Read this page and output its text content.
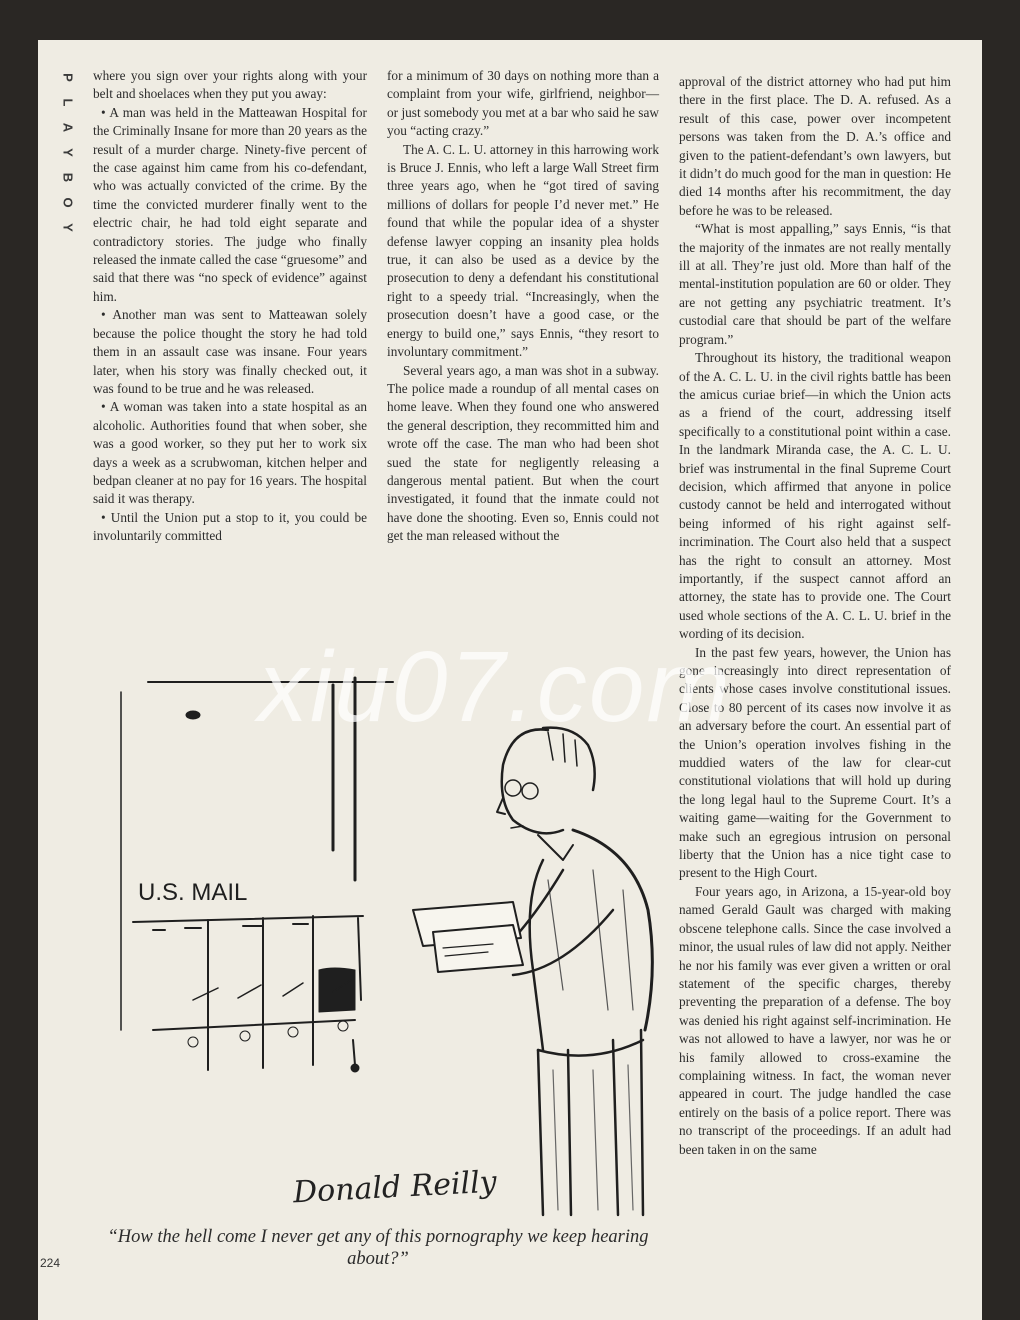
P
L
A
Y
B
O
Y

where you sign over your rights along with your belt and shoelaces when they put you away:

• A man was held in the Matteawan Hospital for the Criminally Insane for more than 20 years as the result of a murder charge. Ninety-five percent of the case against him came from his co-defendant, who was actually convicted of the crime. By the time the convicted murderer finally went to the electric chair, he had told eight separate and contradictory stories. The judge who finally released the inmate called the case “gruesome” and said that there was “no speck of evidence” against him.

• Another man was sent to Matteawan solely because the police thought the story he had told them in an assault case was insane. Four years later, when his story was finally checked out, it was found to be true and he was released.

• A woman was taken into a state hospital as an alcoholic. Authorities found that when sober, she was a good worker, so they put her to work six days a week as a scrubwoman, kitchen helper and bedpan cleaner at no pay for 16 years. The hospital said it was therapy.

• Until the Union put a stop to it, you could be involuntarily committed

for a minimum of 30 days on nothing more than a complaint from your wife, girlfriend, neighbor—or just somebody you met at a bar who said he saw you “acting crazy.”

The A. C. L. U. attorney in this harrowing work is Bruce J. Ennis, who left a large Wall Street firm three years ago, when he “got tired of saving millions of dollars for people I’d never met.” He found that while the popular idea of a shyster defense lawyer copping an insanity plea holds true, it can also be used as a device by the prosecution to deny a defendant his constitutional right to a speedy trial. “Increasingly, when the prosecution doesn’t have a good case, or the energy to build one,” says Ennis, “they resort to involuntary commitment.”

Several years ago, a man was shot in a subway. The police made a roundup of all mental cases on home leave. When they found one who answered the general description, they recommitted him and wrote off the case. The man who had been shot sued the state for negligently releasing a dangerous mental patient. But when the court investigated, it found that the inmate could not have done the shooting. Even so, Ennis could not get the man released without the

approval of the district attorney who had put him there in the first place. The D. A. refused. As a result of this case, power over incompetent persons was taken from the D. A.’s office and given to the patient-defendant’s own lawyers, but it didn’t do much good for the man in question: He died 14 months after his recommitment, the day before he was to be released.

“What is most appalling,” says Ennis, “is that the majority of the inmates are not really mentally ill at all. They’re just old. More than half of the mental-institution population are 60 or older. They are not getting any psychiatric treatment. It’s custodial care that should be part of the welfare program.”

Throughout its history, the traditional weapon of the A. C. L. U. in the civil rights battle has been the amicus curiae brief—in which the Union acts as a friend of the court, addressing itself specifically to a constitutional point within a case. In the landmark Miranda case, the A. C. L. U. brief was instrumental in the final Supreme Court decision, which affirmed that anyone in police custody cannot be held and interrogated without being informed of his right against self-incrimination. The Court also held that a suspect has the right to consult an attorney. Most importantly, if the suspect cannot afford an attorney, the state has to provide one. The Court used whole sections of the A. C. L. U. brief in the wording of its decision.

In the past few years, however, the Union has gone increasingly into direct representation of clients whose cases involve constitutional issues. Close to 80 percent of its cases now involve it as an adversary before the court. An essential part of the Union’s operation involves fishing in the muddied waters of the law for clear-cut constitutional violations that will hold up during the long legal haul to the Supreme Court. It’s a waiting game—waiting for the Government to make such an egregious intrusion on personal liberty that the Union has a nice tight case to present to the High Court.

Four years ago, in Arizona, a 15-year-old boy named Gerald Gault was charged with making obscene telephone calls. Since the case involved a minor, the usual rules of law did not apply. Neither he nor his family was ever given a written or oral statement of the specific charges, thereby preventing the preparation of a defense. The boy was denied his right against self-incrimination. He was not allowed to have a lawyer, nor was he or his family allowed to cross-examine the complaining witness. In fact, the woman never appeared in court. The judge handled the case entirely on the basis of a police report. There was no transcript of the proceedings. If an adult had been taken in on the same

U.S. MAIL
Donald Reilly
“How the hell come I never get any of this pornography we keep hearing about?”
224
xiu07.com
